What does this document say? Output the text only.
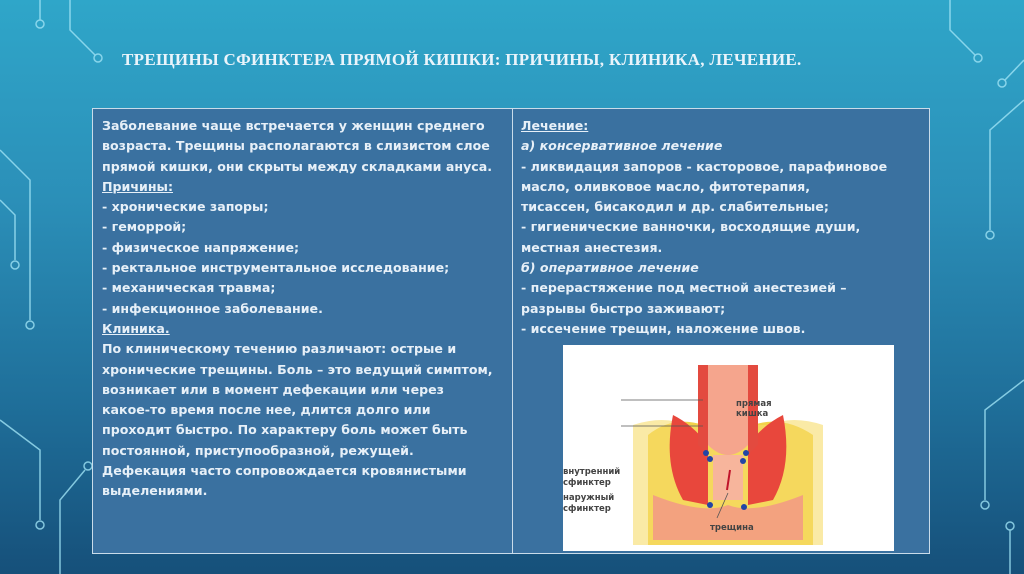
ТРЕЩИНЫ СФИНКТЕРА ПРЯМОЙ КИШКИ: ПРИЧИНЫ, КЛИНИКА, ЛЕЧЕНИЕ.
Заболевание чаще встречается у женщин среднего
возраста. Трещины располагаются в слизистом слое
прямой кишки, они скрыты между складками ануса.
Причины:
- хронические запоры;
- геморрой;
- физическое напряжение;
- ректальное инструментальное исследование;
- механическая травма;
- инфекционное заболевание.
Клиника.
По клиническому течению различают: острые и
хронические трещины. Боль – это ведущий симптом,
возникает или в момент дефекации или через
какое-то время после нее, длится долго или
проходит быстро. По характеру боль может быть
постоянной, приступообразной, режущей.
Дефекация часто сопровождается кровянистыми
выделениями.
Лечение:
а) консервативное лечение
- ликвидация запоров - касторовое, парафиновое
масло, оливковое масло, фитотерапия,
тисассен, бисакодил и др. слабительные;
- гигиенические ванночки, восходящие души,
местная анестезия.
б) оперативное лечение
- перерастяжение под местной анестезией –
разрывы быстро заживают;
- иссечение трещин, наложение швов.
прямая
кишка
внутренний
сфинктер
наружный
сфинктер
трещина
